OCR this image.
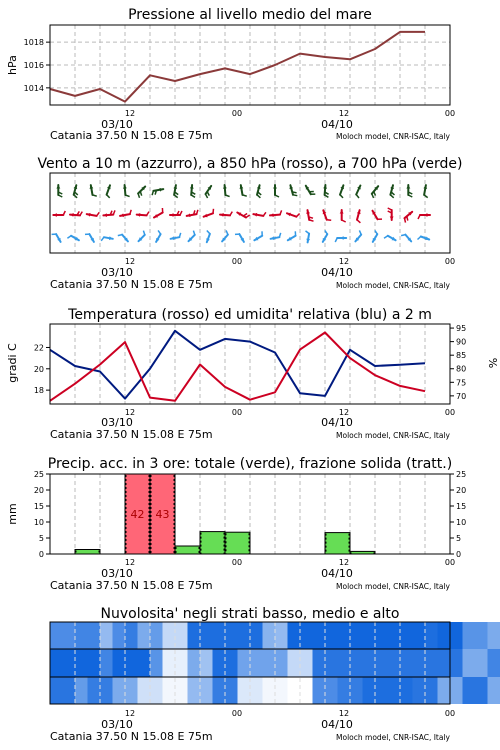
Pressione al livello medio del mare
hPa
1014
1016
1018
12	00	12	00
03/10	04/10
Catania 37.50 N 15.08 E 75m	Moloch model, CNR-ISAC, Italy
Vento a 10 m (azzurro), a 850 hPa (rosso), a 700 hPa (verde)
12	00	12	00
03/10	04/10
Catania 37.50 N 15.08 E 75m	Moloch model, CNR-ISAC, Italy
Temperatura (rosso) ed umidita' relativa (blu) a 2 m
gradi C	%
18
20
22
70
75
80
85
90
95
12	00	12	00
03/10	04/10
Catania 37.50 N 15.08 E 75m	Moloch model, CNR-ISAC, Italy
Precip. acc. in 3 ore: totale (verde), frazione solida (tratt.)
mm
0
5
10
15
20
25
0
5
10
15
20
25
42 43
12	00	12	00
03/10	04/10
Catania 37.50 N 15.08 E 75m	Moloch model, CNR-ISAC, Italy
Nuvolosita' negli strati basso, medio e alto
12	00	12	00
03/10	04/10
Catania 37.50 N 15.08 E 75m	Moloch model, CNR-ISAC, Italy
